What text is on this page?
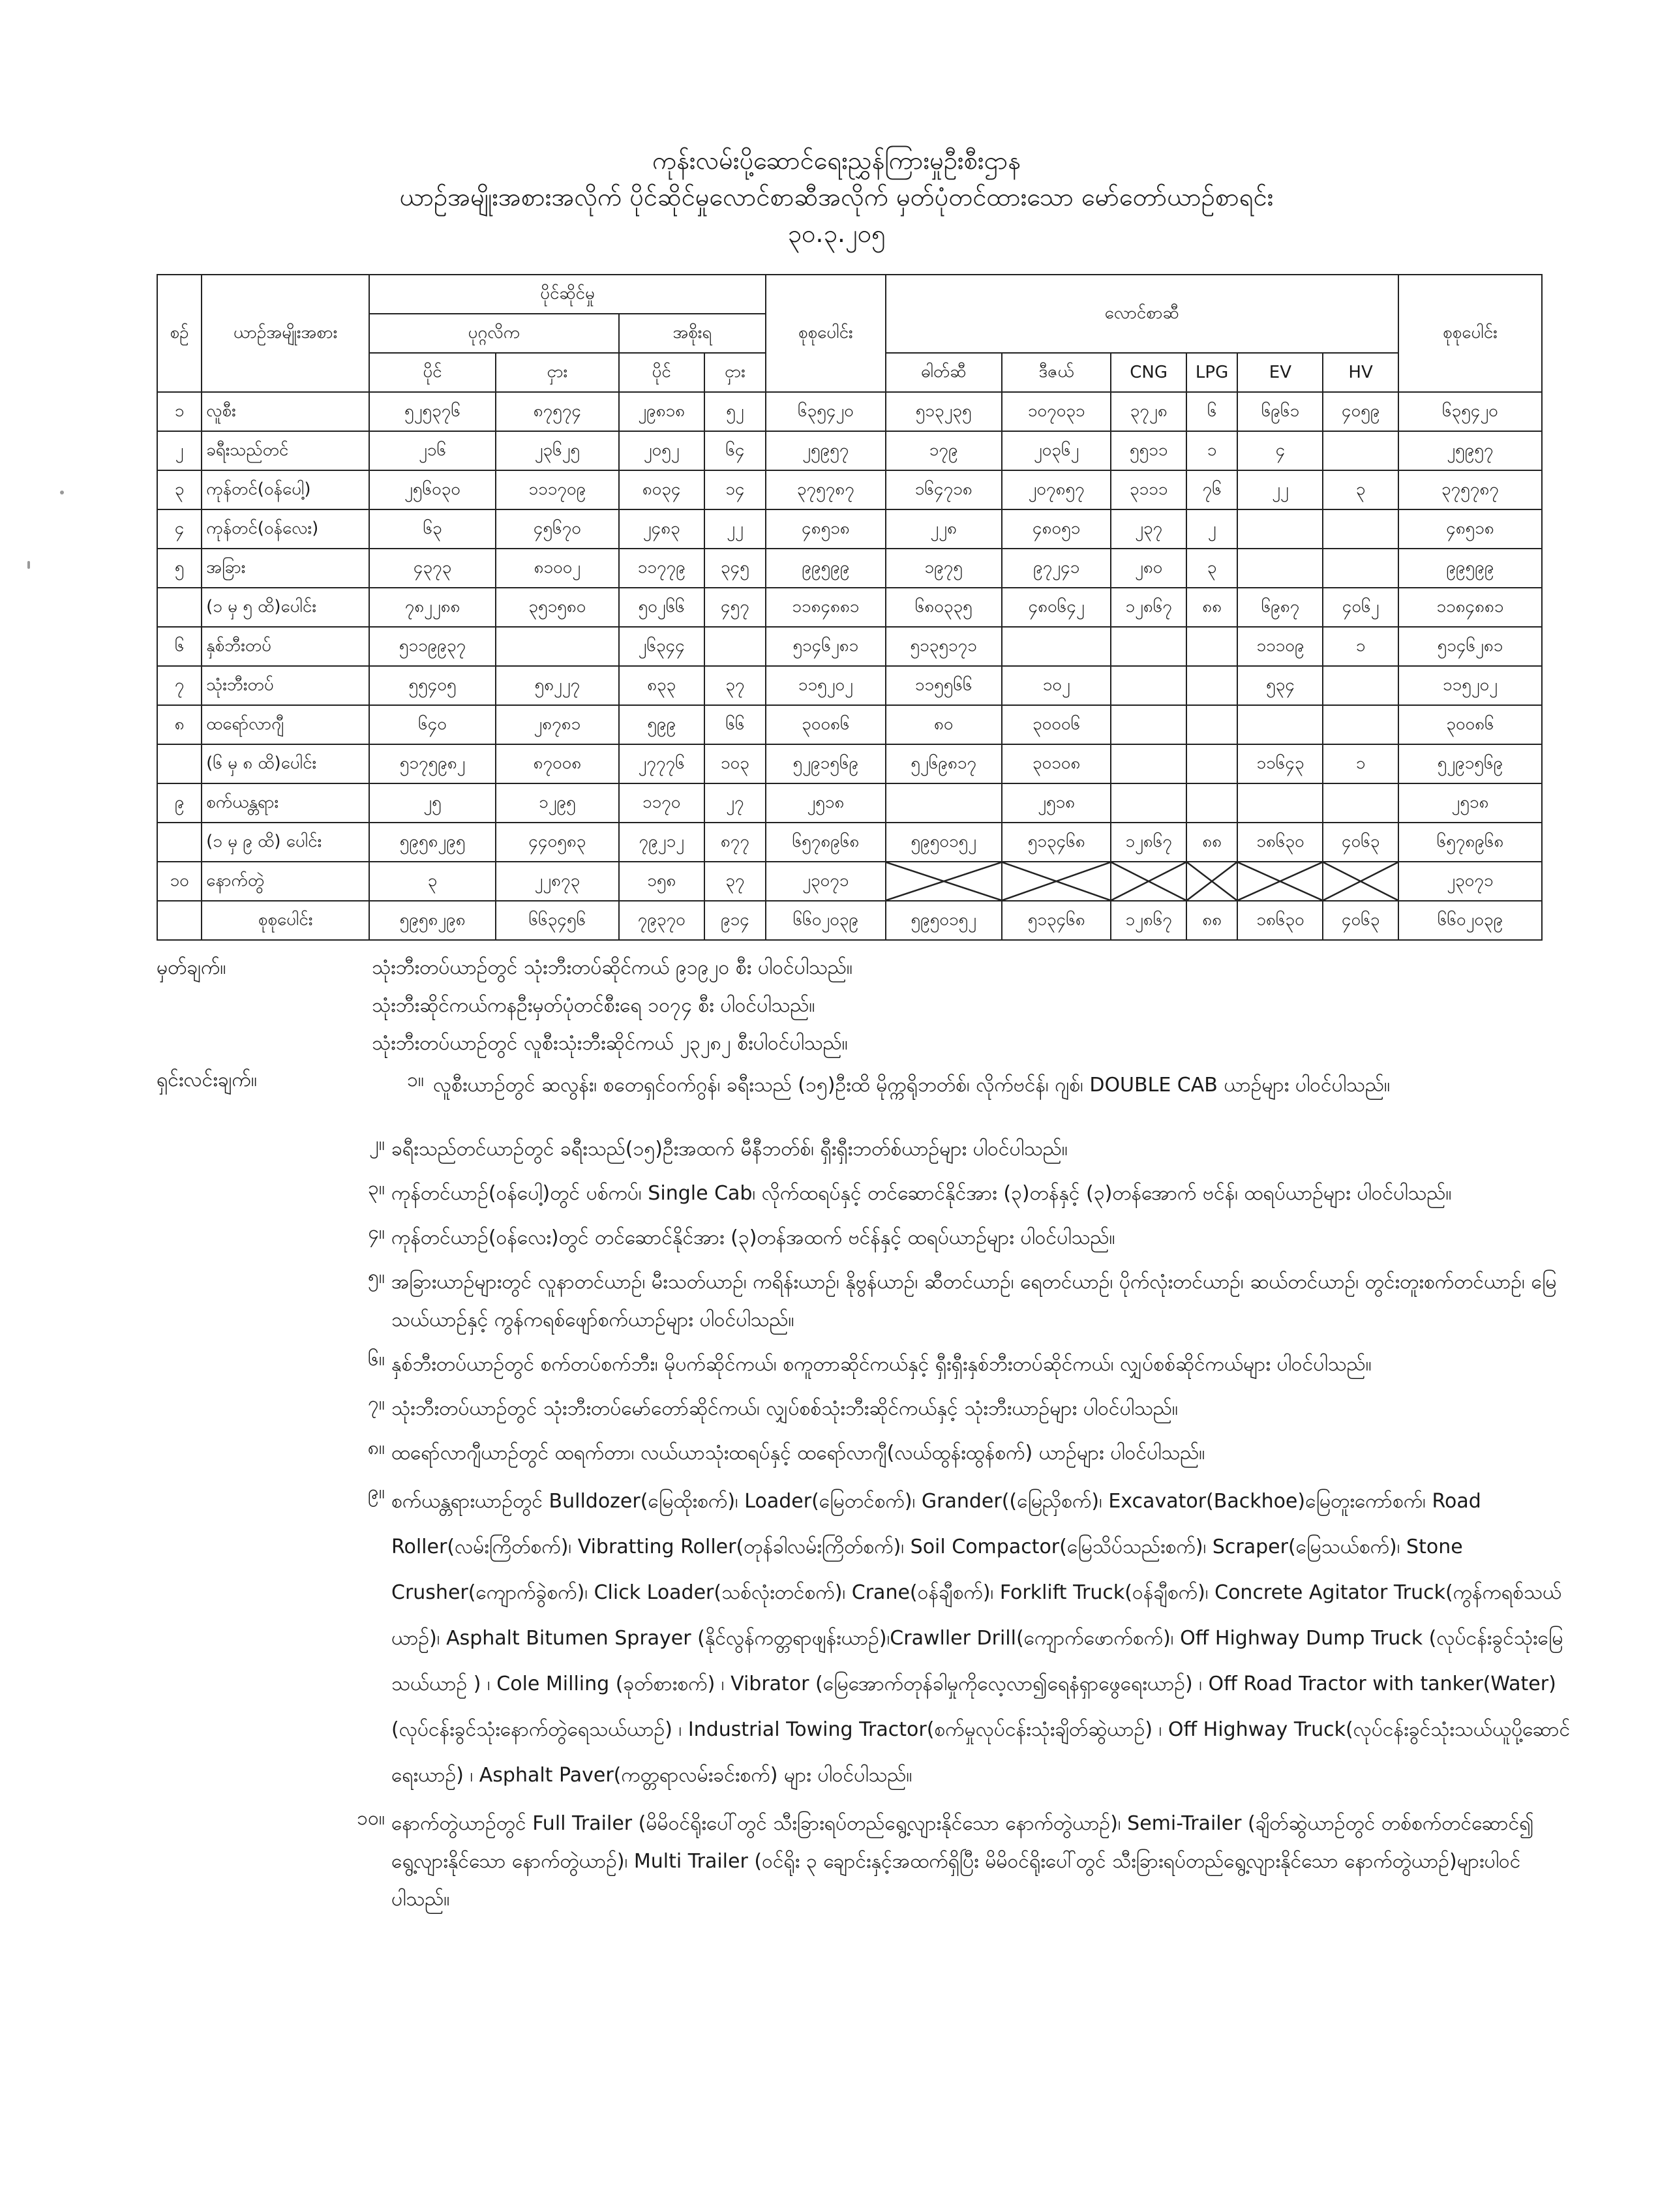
ကုန်းလမ်းပို့ဆောင်ရေးညွှန်ကြားမှုဦးစီးဌာန
ယာဉ်အမျိုးအစားအလိုက် ပိုင်ဆိုင်မှုလောင်စာဆီအလိုက် မှတ်ပုံတင်ထားသော မော်တော်ယာဉ်စာရင်း
၃၀.၃.၂၀၅
စဉ်	ယာဉ်အမျိုးအစား	ပိုင်ဆိုင်မှု				စုစုပေါင်း	လောင်စာဆီ						စုစုပေါင်း
		ပုဂ္ဂလိက		အစိုးရ									
		ပိုင်	ငှား	ပိုင်	ငှား		ဓါတ်ဆီ	ဒီဇယ်	CNG	LPG	EV	HV	
၁	လူစီး	၅၂၅၃၇၆	၈၇၅၇၄	၂၉၈၁၈	၅၂	၆၃၅၄၂၀	၅၁၃၂၃၅	၁၀၇၀၃၁	၃၇၂၈	၆	၆၉၆၁	၄၀၅၉	၆၃၅၄၂၀
၂	ခရီးသည်တင်	၂၁၆	၂၃၆၂၅	၂၀၅၂	၆၄	၂၅၉၅၇	၁၇၉	၂၀၃၆၂	၅၅၁၁	၁	၄		၂၅၉၅၇
၃	ကုန်တင်(ဝန်ပေါ့)	၂၅၆၀၃၀	၁၁၁၇၀၉	၈၀၃၄	၁၄	၃၇၅၇၈၇	၁၆၄၇၁၈	၂၀၇၈၅၇	၃၁၁၁	၇၆	၂၂	၃	၃၇၅၇၈၇
၄	ကုန်တင်(ဝန်လေး)	၆၃	၄၅၆၇၀	၂၄၈၃	၂၂	၄၈၅၁၈	၂၂၈	၄၈၀၅၁	၂၃၇	၂			၄၈၅၁၈
၅	အခြား	၄၃၇၃	၈၁၀၀၂	၁၁၇၇၉	၃၄၅	၉၉၅၉၉	၁၉၇၅	၉၇၂၄၁	၂၈၀	၃			၉၉၅၉၉
	(၁ မှ ၅ ထိ)ပေါင်း	၇၈၂၂၈၈	၃၅၁၅၈၀	၅၀၂၆၆	၄၅၇	၁၁၈၄၈၈၁	၆၈၀၃၃၅	၄၈၀၆၄၂	၁၂၈၆၇	၈၈	၆၉၈၇	၄၀၆၂	၁၁၈၄၈၈၁
၆	နှစ်ဘီးတပ်	၅၁၁၉၉၃၇		၂၆၃၄၄		၅၁၄၆၂၈၁	၅၁၃၅၁၇၁				၁၁၁၀၉	၁	၅၁၄၆၂၈၁
၇	သုံးဘီးတပ်	၅၅၄၀၅	၅၈၂၂၇	၈၃၃	၃၇	၁၁၅၂၀၂	၁၁၅၅၆၆	၁၀၂			၅၃၄		၁၁၅၂၀၂
၈	ထရော်လာဂျီ	၆၄၀	၂၈၇၈၁	၅၉၉	၆၆	၃၀၀၈၆	၈၀	၃၀၀၀၆					၃၀၀၈၆
	(၆ မှ ၈ ထိ)ပေါင်း	၅၁၇၅၉၈၂	၈၇၀၀၈	၂၇၇၇၆	၁၀၃	၅၂၉၁၅၆၉	၅၂၆၉၈၁၇	၃၀၁၀၈			၁၁၆၄၃	၁	၅၂၉၁၅၆၉
၉	စက်ယန္တရား	၂၅	၁၂၉၅	၁၁၇၀	၂၇	၂၅၁၈		၂၅၁၈					၂၅၁၈
	(၁ မှ ၉ ထိ) ပေါင်း	၅၉၅၈၂၉၅	၄၄၀၅၈၃	၇၉၂၁၂	၈၇၇	၆၅၇၈၉၆၈	၅၉၅၀၁၅၂	၅၁၃၄၆၈	၁၂၈၆၇	၈၈	၁၈၆၃၀	၄၀၆၃	၆၅၇၈၉၆၈
၁၀	နောက်တွဲ	၃	၂၂၈၇၃	၁၅၈	၃၇	၂၃၀၇၁							၂၃၀၇၁
	စုစုပေါင်း	၅၉၅၈၂၉၈	၆၆၃၄၅၆	၇၉၃၇၀	၉၁၄	၆၆၀၂၀၃၉	၅၉၅၀၁၅၂	၅၁၃၄၆၈	၁၂၈၆၇	၈၈	၁၈၆၃၀	၄၀၆၃	၆၆၀၂၀၃၉
မှတ်ချက်။	သုံးဘီးတပ်ယာဉ်တွင် သုံးဘီးတပ်ဆိုင်ကယ် ၉၁၉၂၀ စီး ပါဝင်ပါသည်။
သုံးဘီးဆိုင်ကယ်ကနဦးမှတ်ပုံတင်စီးရေ ၁၀၇၄ စီး ပါဝင်ပါသည်။
သုံးဘီးတပ်ယာဉ်တွင် လူစီးသုံးဘီးဆိုင်ကယ် ၂၃၂၈၂ စီးပါဝင်ပါသည်။
ရှင်းလင်းချက်။	၁။ လူစီးယာဉ်တွင် ဆလွန်း၊ စတေရှင်ဝက်ဂွန်၊ ခရီးသည် (၁၅)ဦးထိ မိုက္ကရိုဘတ်စ်၊ လိုက်ဗင်န်၊ ဂျစ်၊ DOUBLE CAB ယာဉ်များ ပါဝင်ပါသည်။
၂။ ခရီးသည်တင်ယာဉ်တွင် ခရီးသည်(၁၅)ဦးအထက် မီနီဘတ်စ်၊ ရှီးရှီးဘတ်စ်ယာဉ်များ ပါဝင်ပါသည်။
၃။ ကုန်တင်ယာဉ်(ဝန်ပေါ့)တွင် ပစ်ကပ်၊ Single Cab၊ လိုက်ထရပ်နှင့် တင်ဆောင်နိုင်အား (၃)တန်နှင့် (၃)တန်အောက် ဗင်န်၊ ထရပ်ယာဉ်များ ပါဝင်ပါသည်။
၄။ ကုန်တင်ယာဉ်(ဝန်လေး)တွင် တင်ဆောင်နိုင်အား (၃)တန်အထက် ဗင်န်နှင့် ထရပ်ယာဉ်များ ပါဝင်ပါသည်။
၅။ အခြားယာဉ်များတွင် လူနာတင်ယာဉ်၊ မီးသတ်ယာဉ်၊ ကရိန်းယာဉ်၊ နိုဗွန်ယာဉ်၊ ဆီတင်ယာဉ်၊ ရေတင်ယာဉ်၊ ပိုက်လုံးတင်ယာဉ်၊ ဆယ်တင်ယာဉ်၊ တွင်းတူးစက်တင်ယာဉ်၊ မြေသယ်ယာဉ်နှင့် ကွန်ကရစ်ဖျော်စက်ယာဉ်များ ပါဝင်ပါသည်။
၆။ နှစ်ဘီးတပ်ယာဉ်တွင် စက်တပ်စက်ဘီး၊ မိုပက်ဆိုင်ကယ်၊ စကူတာဆိုင်ကယ်နှင့် ရှီးရှီးနှစ်ဘီးတပ်ဆိုင်ကယ်၊ လျှပ်စစ်ဆိုင်ကယ်များ ပါဝင်ပါသည်။
၇။ သုံးဘီးတပ်ယာဉ်တွင် သုံးဘီးတပ်မော်တော်ဆိုင်ကယ်၊ လျှပ်စစ်သုံးဘီးဆိုင်ကယ်နှင့် သုံးဘီးယာဉ်များ ပါဝင်ပါသည်။
၈။ ထရော်လာဂျီယာဉ်တွင် ထရက်တာ၊ လယ်ယာသုံးထရပ်နှင့် ထရော်လာဂျီ(လယ်ထွန်းထွန်စက်) ယာဉ်များ ပါဝင်ပါသည်။
၉။ စက်ယန္တရားယာဉ်တွင် Bulldozer(မြေထိုးစက်)၊ Loader(မြေတင်စက်)၊ Grander((မြေညှိစက်)၊ Excavator(Backhoe)မြေတူးကော်စက်၊ Road Roller(လမ်းကြိတ်စက်)၊ Vibratting Roller(တုန်ခါလမ်းကြိတ်စက်)၊ Soil Compactor(မြေသိပ်သည်းစက်)၊ Scraper(မြေသယ်စက်)၊ Stone Crusher(ကျောက်ခွဲစက်)၊ Click Loader(သစ်လုံးတင်စက်)၊ Crane(ဝန်ချီစက်)၊ Forklift Truck(ဝန်ချီစက်)၊ Concrete Agitator Truck(ကွန်ကရစ်သယ်ယာဉ်)၊ Asphalt Bitumen Sprayer (နိုင်လွန်ကတ္တရာဖျန်းယာဉ်)၊Crawller Drill(ကျောက်ဖောက်စက်)၊ Off Highway Dump Truck (လုပ်ငန်းခွင်သုံးမြေသယ်ယာဉ် ) ၊ Cole Milling (ခုတ်စားစက်) ၊ Vibrator (မြေအောက်တုန်ခါမှုကိုလေ့လာ၍ရေနံရှာဖွေရေးယာဉ်) ၊ Off Road Tractor with tanker(Water) (လုပ်ငန်းခွင်သုံးနောက်တွဲရေသယ်ယာဉ်) ၊ Industrial Towing Tractor(စက်မှုလုပ်ငန်းသုံးချိတ်ဆွဲယာဉ်) ၊ Off Highway Truck(လုပ်ငန်းခွင်သုံးသယ်ယူပို့ဆောင်ရေးယာဉ်) ၊ Asphalt Paver(ကတ္တရာလမ်းခင်းစက်) များ ပါဝင်ပါသည်။
၁၀။ နောက်တွဲယာဉ်တွင် Full Trailer (မိမိဝင်ရိုးပေါ်တွင် သီးခြားရပ်တည်ရွေ့လျားနိုင်သော နောက်တွဲယာဉ်)၊ Semi-Trailer (ချိတ်ဆွဲယာဉ်တွင် တစ်စက်တင်ဆောင်၍ ရွေ့လျားနိုင်သော နောက်တွဲယာဉ်)၊ Multi Trailer (ဝင်ရိုး ၃ ချောင်းနှင့်အထက်ရှိပြီး မိမိဝင်ရိုးပေါ်တွင် သီးခြားရပ်တည်ရွေ့လျားနိုင်သော နောက်တွဲယာဉ်)များပါဝင်ပါသည်။
